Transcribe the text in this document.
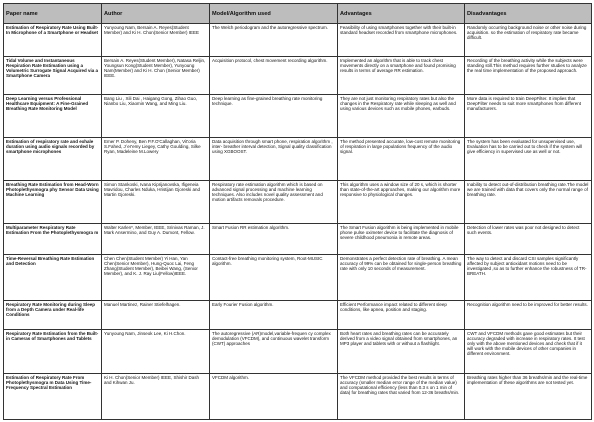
Paper name	Author	Model/Algorithm used	Advantages	Disadvantages
Estimation of Respiratory Rate Using Built-In Microphone of a Smartphone or Headset	Yunyoung Nam, Bersain A. Reyes(Student Member) and Ki H. Chon(Senior Member) IEEE	The Welch periodogram and the autoregressive spectrum.	Feasibility of using smartphones together with their built-in standard headset recorded from smartphone microphones.	Randomly occurring background noise or other noise during acquisition. so the estimation of respiratory rate became difficult.
Tidal Volume and Instantaneous Respiration Rate Estimation using a Volumetric Surrogate Signal Acquired via a Smartphone Camera	Bersain A. Reyes(Student Member), Natasa Reljin, Youngsun Kong(Student Member), Yunyoung Nam(Member) and Ki H. Chon (Senior Member) IEEE.	Acquisition protocol, chest movement recording algorithm.	Implemented an algorithm that is able to track chest movements directly on a smartphone and found promising results in terms of average RR estimation.	Recording of the breathing activity while the subjects were standing still.This method requires further studies to analyze the real time implementation of the proposed approach.
Deep Learning versus Professional Healthcare Equipment: A Fine-Grained Breathing Rate Monitoring Model	Bang Liu , Xili Dai , Haigang Gong, Zihao Guo, Nianbo Liu, Xiaomin Wang, and Ming Liu.	Deep learning as fine-grained breathing rate monitoring technique.	They are not just monitoring respiratory rates but also the changes in the Respiratory rate while sleeping as well and using various devices such as mobile phones, earbuds.	More data is required to train DeepFilter. It implies that DeepFilter needs to suit more smartphones from different manufacturers.
Estimation of respiratory rate and exhale duration using audio signals recorded by smartphone microphones	Emer P. Doheny, Ben P.F.O'Callaghan, Vit'oria S.Fahed, J`er'emy Liegey, Cathy Goulding, Silke Ryan, Madeleine M.Lowery	Data acquisition through smart phone, respiration algorithm , inter- breather interval detection, Signal quality classification using XGBOOST.	The method presented accurate, low-cost remote monitoring of respiration in large populations frequency of the audio signal.	The system has been evaluated for unsupervised use, Evaluation has to be carried out to check if the system will give efficiency in supervised use as well or not.
Breathing Rate Estimation from Head-Worn Photoplethysmogra phy Sensor Data Using Machine Learning	Simon Stankoski, Ivana Kiprijanovska, Ifigeneia Mavridou, Charles Nduka, Hristijan Gjoreski and Martin Gjoreski.	Respiratory rate estimation algorithm which is based on advanced signal processing and machine learning techniques. Also includes novel quality assessment and motion artifacts removals procedure.	This algorithm uses a window size of 20 s, which is shorter than state-of-the-art approaches, making our algorithm more responsive to physiological changes.	Inability to detect out-of-distribution breathing rate.The model we are trained with data that covers only the normal range of breathing rate.
Multiparameter Respiratory Rate Estimation From the Photoplethysmogra m	Walter Karlen*, Member, IEEE, Srinivas Raman, J. Mark Ansermino, and Guy A. Dumont, Fellow.	Smart Fusion RR estimation algorithm.	The Smart Fusion algorithm is being implemented in mobile phone pulse oximeter device to facilitate the diagnosis of severe childhood pneumonia in remote areas.	Detection of lower rates was poor not designed to detect such events.
Time-Reversal Breathing Rate Estimation and Detection	Chen Chen(Student Member) Yi Han, Yan Chen(Senior Member), Hung-Quoc Lai, Feng Zhang(Student Member), Beibei Wang, (Senior Member), and K. J. Ray Liu(Fellow)IEEE.	Contact-free breathing monitoring system, Root-MUSIC algorithm.	Demonstrates a perfect detection rate of breathing. A mean accuracy of 99% can be obtained for single-person breathing rate with only 10 seconds of measurement.	The way to detect and discard CSI samples significantly affected by subject antioxidant motions need to be investigated ,so as to further enhance the robustness of TR-BREATH.
Respiratory Rate Monitoring during Sleep from a Depth Camera under Real-life Conditions	Manuel Martinez, Rainer Stiefelhagen.	Early Fourier Fusion algorithm.	Efficient Performance impact related to different sleep conditions, like apnea, position and staging.	Recognition algorithm need to be improved for better results.
Respiratory Rate Estimation from the Built-in Cameras of Smartphones and Tablets	Yunyoung Nam, Jinseok Lee, Ki H.Chon.	The autoregressive (AR)model,variable-frequen cy complex demodulation (VFCDM), and continuous wavelet transform (CWT) approaches	Both heart rates and breathing rates can be accurately derived from a video signal obtained from smartphones, an MP3 player and tablets with or without a flashlight.	CWT and VFCDM methods gave good estimates but their accuracy degraded with increase in respiratory rates. It test only with the above mentioned devices and check that if it will work with the mobile devices of other companies in different environment.
Estimation of Respiratory Rate From Photoplethysmogra m Data Using Time-Frequency Spectral Estimation	Ki H. Chon(Senior Member) IEEE, Shishir Dash and Kihwan Ju.	VFCDM algorithm.	The VFCDM method provided the best results in terms of accuracy (smaller median error range of the median value) and computational efficiency (less than 0.3 s on 1 min of data) for breathing rates that varied from 12-36 breaths/min.	Breathing rates higher than 36 breaths/min and the real-time implementation of these algorithms are not tested yet.
